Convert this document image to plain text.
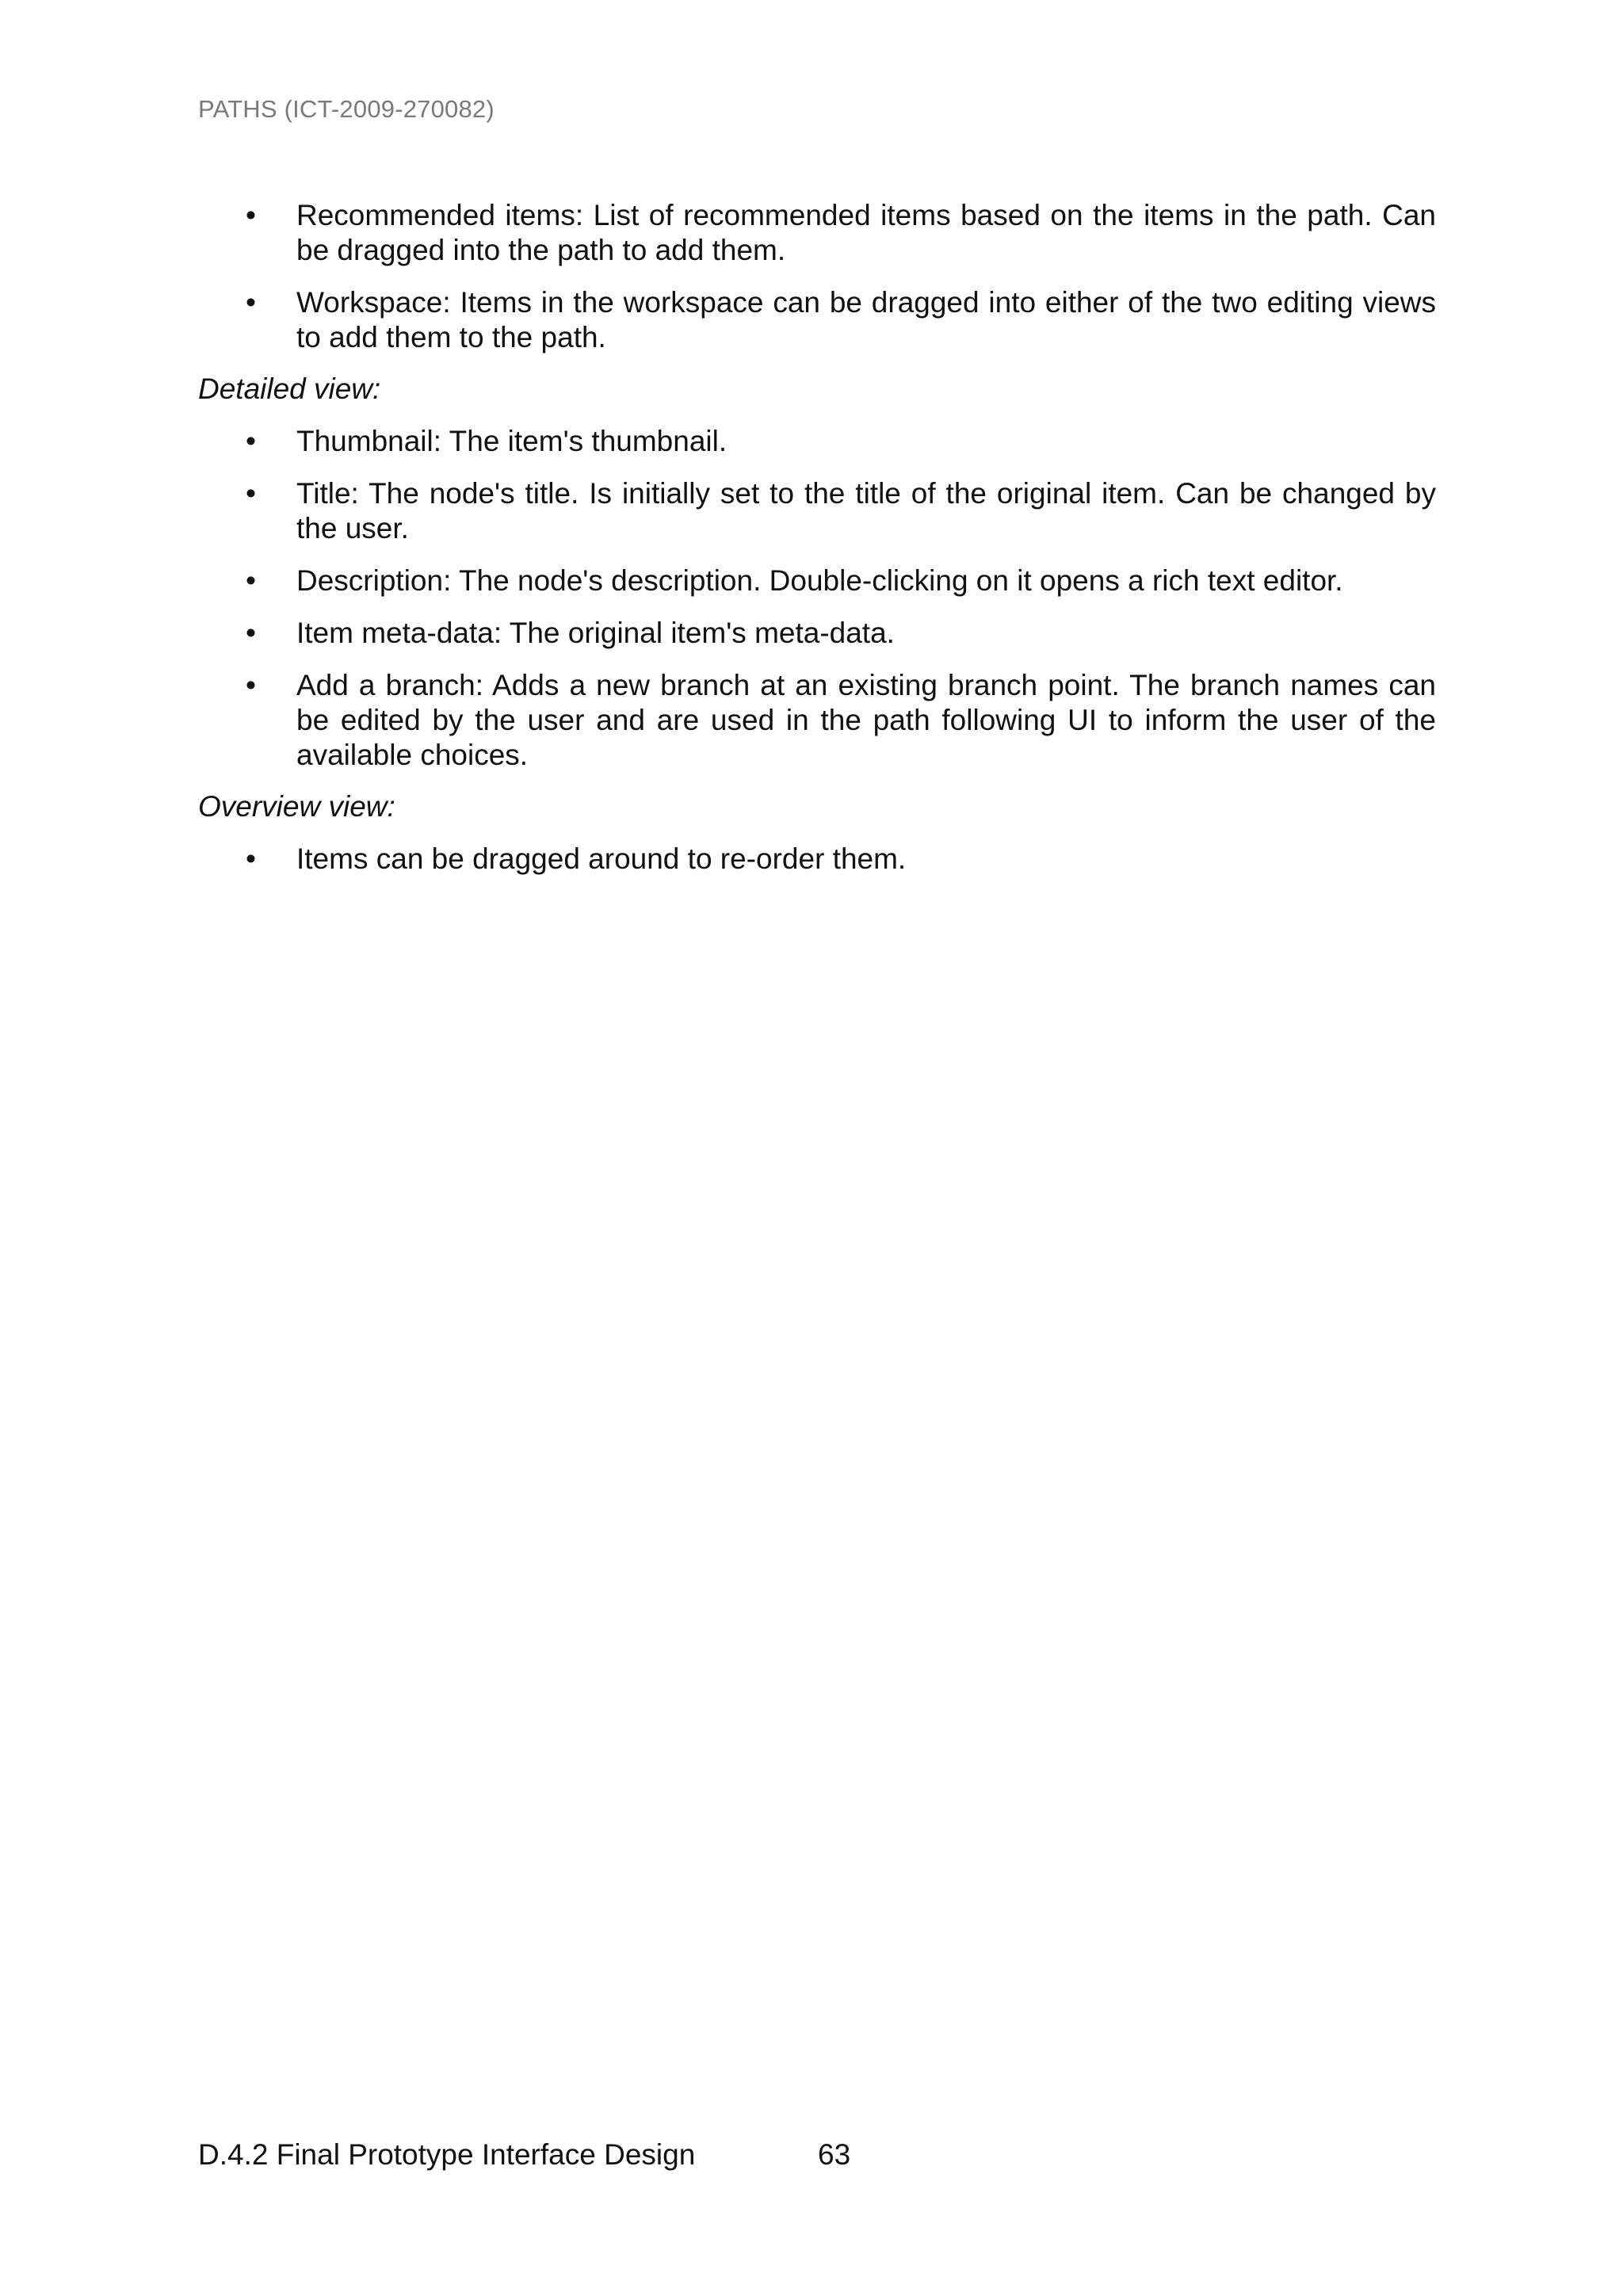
PATHS (ICT-2009-270082)
•	Recommended items: List of recommended items based on the items in the path. Can be dragged into the path to add them.
•	Workspace: Items in the workspace can be dragged into either of the two editing views to add them to the path.
Detailed view:
•	Thumbnail: The item's thumbnail.
•	Title: The node's title. Is initially set to the title of the original item. Can be changed by the user.
•	Description: The node's description. Double-clicking on it opens a rich text editor.
•	Item meta-data: The original item's meta-data.
•	Add a branch: Adds a new branch at an existing branch point. The branch names can be edited by the user and are used in the path following UI to inform the user of the available choices.
Overview view:
•	Items can be dragged around to re-order them.
D.4.2 Final Prototype Interface Design	63
